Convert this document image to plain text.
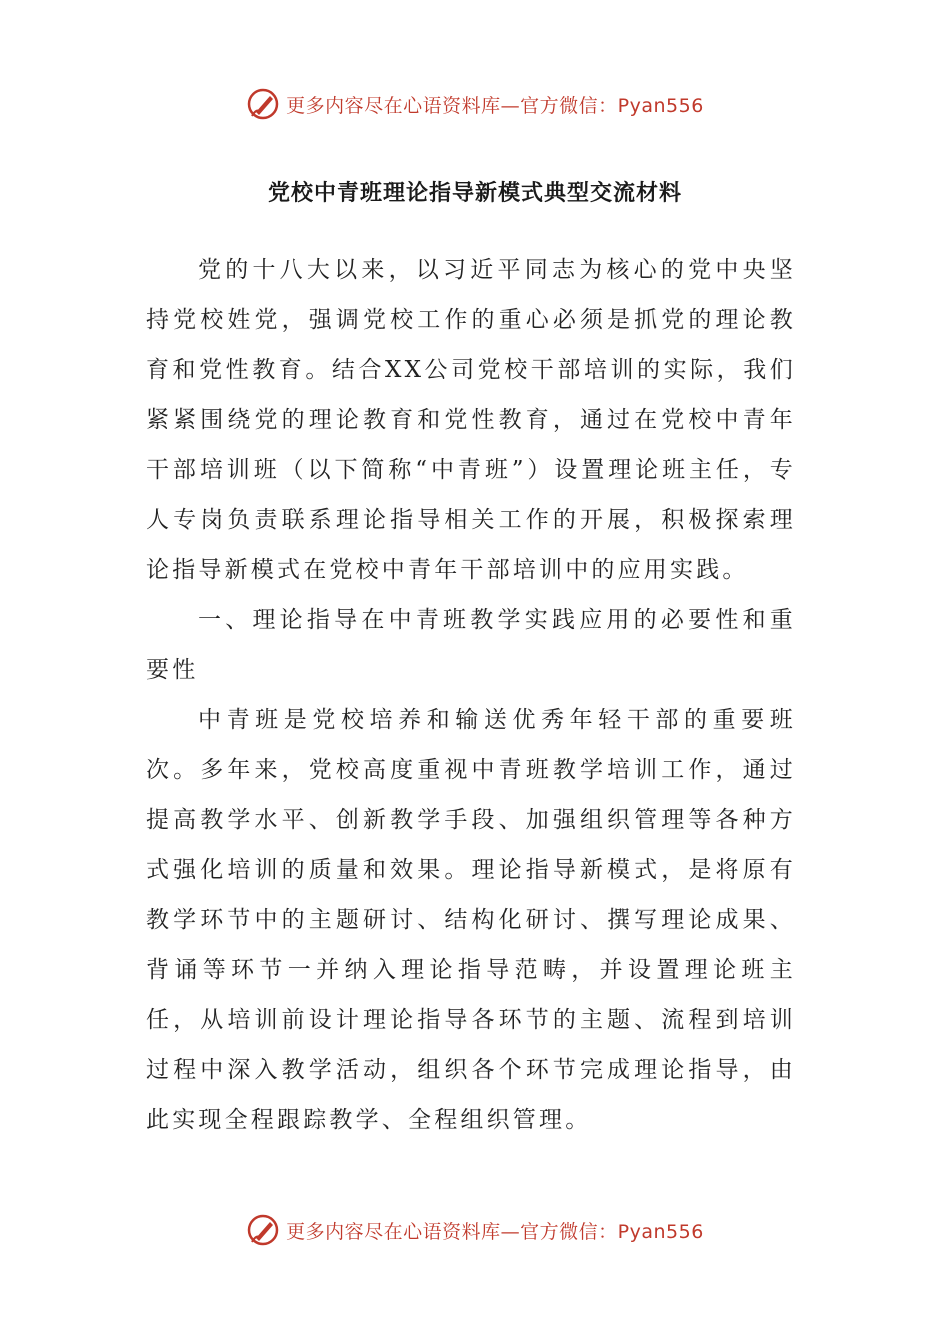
更多内容尽在心语资料库—官方微信：Pyan556
党校中青班理论指导新模式典型交流材料

党的十八大以来，以习近平同志为核心的党中央坚持党校姓党，强调党校工作的重心必须是抓党的理论教育和党性教育。结合XX公司党校干部培训的实际，我们紧紧围绕党的理论教育和党性教育，通过在党校中青年干部培训班（以下简称“中青班”）设置理论班主任，专人专岗负责联系理论指导相关工作的开展，积极探索理论指导新模式在党校中青年干部培训中的应用实践。

一、理论指导在中青班教学实践应用的必要性和重要性

中青班是党校培养和输送优秀年轻干部的重要班次。多年来，党校高度重视中青班教学培训工作，通过提高教学水平、创新教学手段、加强组织管理等各种方式强化培训的质量和效果。理论指导新模式，是将原有教学环节中的主题研讨、结构化研讨、撰写理论成果、背诵等环节一并纳入理论指导范畴，并设置理论班主任，从培训前设计理论指导各环节的主题、流程到培训过程中深入教学活动，组织各个环节完成理论指导，由此实现全程跟踪教学、全程组织管理。

更多内容尽在心语资料库—官方微信：Pyan556
